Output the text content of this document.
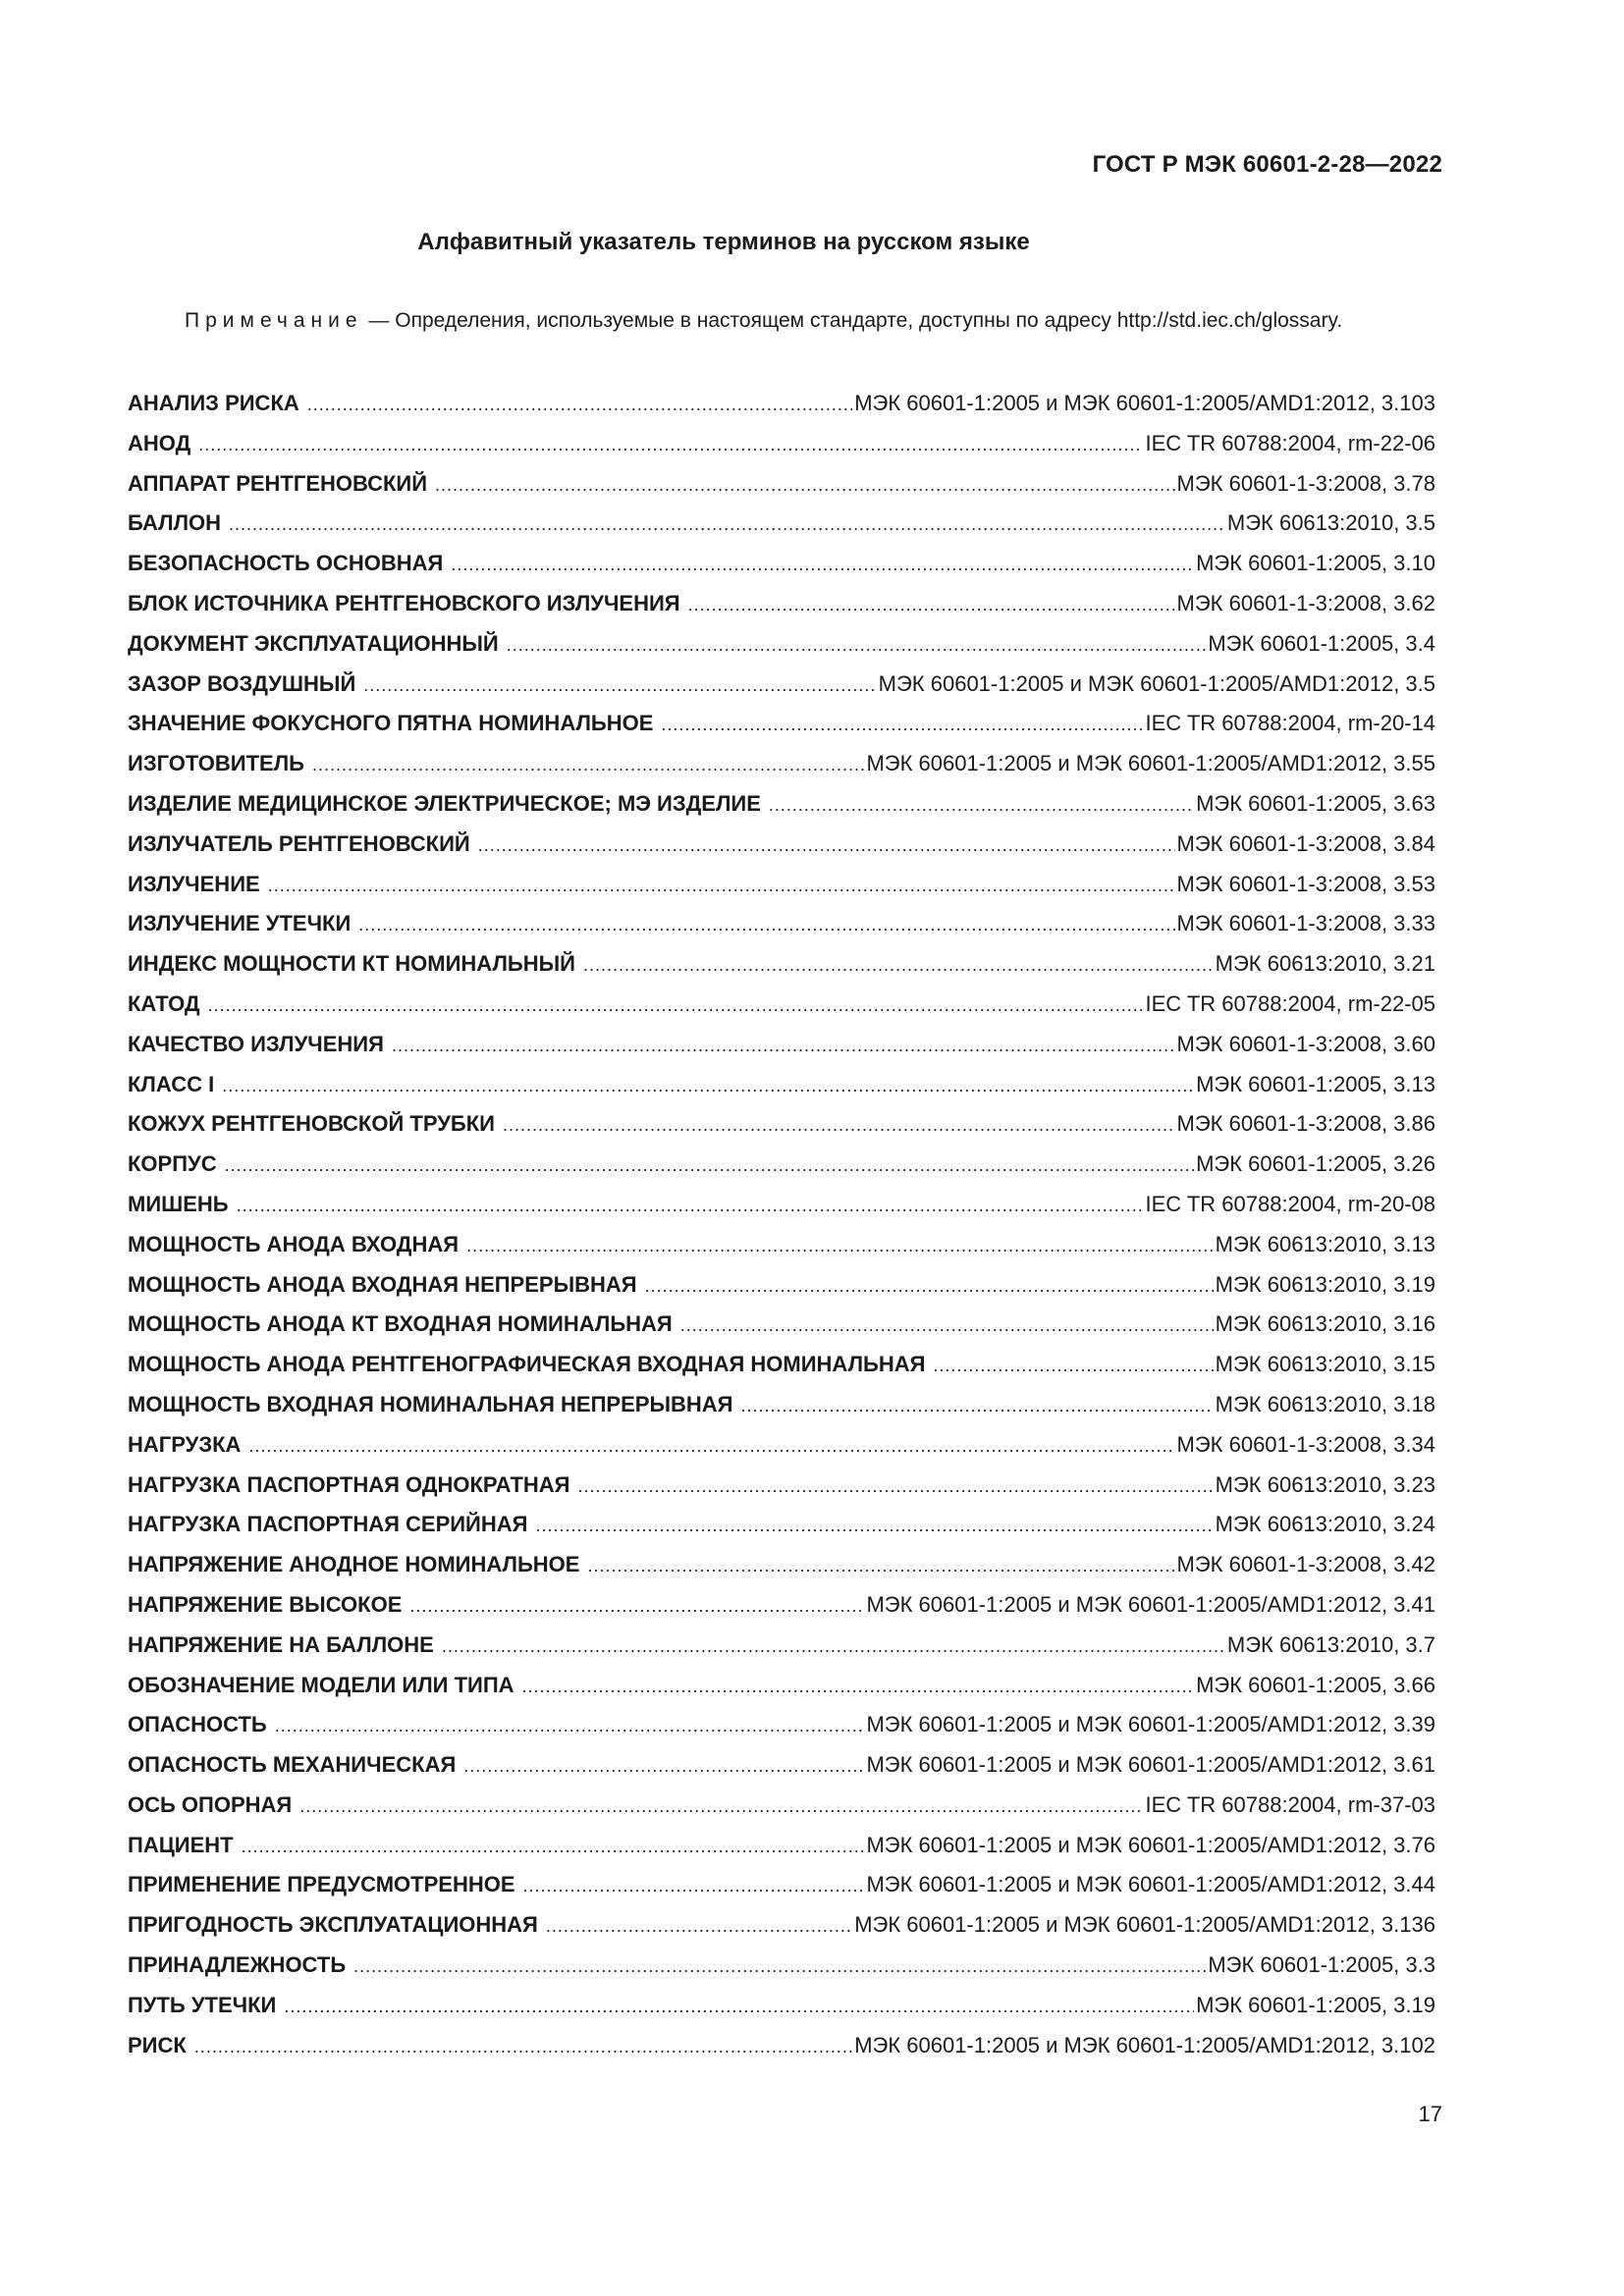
ГОСТ Р МЭК 60601-2-28—2022
Алфавитный указатель терминов на русском языке
Примечание — Определения, используемые в настоящем стандарте, доступны по адресу http://std.iec.ch/glossary.
АНАЛИЗ РИСКА .....	МЭК 60601-1:2005 и МЭК 60601-1:2005/AMD1:2012, 3.103
АНОД .....	IEC TR 60788:2004, rm-22-06
АППАРАТ РЕНТГЕНОВСКИЙ .....	МЭК 60601-1-3:2008, 3.78
БАЛЛОН .....	МЭК 60613:2010, 3.5
БЕЗОПАСНОСТЬ ОСНОВНАЯ .....	МЭК 60601-1:2005, 3.10
БЛОК ИСТОЧНИКА РЕНТГЕНОВСКОГО ИЗЛУЧЕНИЯ .....	МЭК 60601-1-3:2008, 3.62
ДОКУМЕНТ ЭКСПЛУАТАЦИОННЫЙ .....	МЭК 60601-1:2005, 3.4
ЗАЗОР ВОЗДУШНЫЙ .....	МЭК 60601-1:2005 и МЭК 60601-1:2005/AMD1:2012, 3.5
ЗНАЧЕНИЕ ФОКУСНОГО ПЯТНА НОМИНАЛЬНОЕ .....	IEC TR 60788:2004, rm-20-14
ИЗГОТОВИТЕЛЬ .....	МЭК 60601-1:2005 и МЭК 60601-1:2005/AMD1:2012, 3.55
ИЗДЕЛИЕ МЕДИЦИНСКОЕ ЭЛЕКТРИЧЕСКОЕ; МЭ ИЗДЕЛИЕ .....	МЭК 60601-1:2005, 3.63
ИЗЛУЧАТЕЛЬ РЕНТГЕНОВСКИЙ .....	МЭК 60601-1-3:2008, 3.84
ИЗЛУЧЕНИЕ .....	МЭК 60601-1-3:2008, 3.53
ИЗЛУЧЕНИЕ УТЕЧКИ .....	МЭК 60601-1-3:2008, 3.33
ИНДЕКС МОЩНОСТИ КТ НОМИНАЛЬНЫЙ .....	МЭК 60613:2010, 3.21
КАТОД .....	IEC TR 60788:2004, rm-22-05
КАЧЕСТВО ИЗЛУЧЕНИЯ .....	МЭК 60601-1-3:2008, 3.60
КЛАСС I .....	МЭК 60601-1:2005, 3.13
КОЖУХ РЕНТГЕНОВСКОЙ ТРУБКИ .....	МЭК 60601-1-3:2008, 3.86
КОРПУС .....	МЭК 60601-1:2005, 3.26
МИШЕНЬ .....	IEC TR 60788:2004, rm-20-08
МОЩНОСТЬ АНОДА ВХОДНАЯ .....	МЭК 60613:2010, 3.13
МОЩНОСТЬ АНОДА ВХОДНАЯ НЕПРЕРЫВНАЯ .....	МЭК 60613:2010, 3.19
МОЩНОСТЬ АНОДА КТ ВХОДНАЯ НОМИНАЛЬНАЯ .....	МЭК 60613:2010, 3.16
МОЩНОСТЬ АНОДА РЕНТГЕНОГРАФИЧЕСКАЯ ВХОДНАЯ НОМИНАЛЬНАЯ .....	МЭК 60613:2010, 3.15
МОЩНОСТЬ ВХОДНАЯ НОМИНАЛЬНАЯ НЕПРЕРЫВНАЯ .....	МЭК 60613:2010, 3.18
НАГРУЗКА .....	МЭК 60601-1-3:2008, 3.34
НАГРУЗКА ПАСПОРТНАЯ ОДНОКРАТНАЯ .....	МЭК 60613:2010, 3.23
НАГРУЗКА ПАСПОРТНАЯ СЕРИЙНАЯ .....	МЭК 60613:2010, 3.24
НАПРЯЖЕНИЕ АНОДНОЕ НОМИНАЛЬНОЕ .....	МЭК 60601-1-3:2008, 3.42
НАПРЯЖЕНИЕ ВЫСОКОЕ .....	МЭК 60601-1:2005 и МЭК 60601-1:2005/AMD1:2012, 3.41
НАПРЯЖЕНИЕ НА БАЛЛОНЕ .....	МЭК 60613:2010, 3.7
ОБОЗНАЧЕНИЕ МОДЕЛИ ИЛИ ТИПА .....	МЭК 60601-1:2005, 3.66
ОПАСНОСТЬ .....	МЭК 60601-1:2005 и МЭК 60601-1:2005/AMD1:2012, 3.39
ОПАСНОСТЬ МЕХАНИЧЕСКАЯ .....	МЭК 60601-1:2005 и МЭК 60601-1:2005/AMD1:2012, 3.61
ОСЬ ОПОРНАЯ .....	IEC TR 60788:2004, rm-37-03
ПАЦИЕНТ .....	МЭК 60601-1:2005 и МЭК 60601-1:2005/AMD1:2012, 3.76
ПРИМЕНЕНИЕ ПРЕДУСМОТРЕННОЕ .....	МЭК 60601-1:2005 и МЭК 60601-1:2005/AMD1:2012, 3.44
ПРИГОДНОСТЬ ЭКСПЛУАТАЦИОННАЯ .....	МЭК 60601-1:2005 и МЭК 60601-1:2005/AMD1:2012, 3.136
ПРИНАДЛЕЖНОСТЬ .....	МЭК 60601-1:2005, 3.3
ПУТЬ УТЕЧКИ .....	МЭК 60601-1:2005, 3.19
РИСК .....	МЭК 60601-1:2005 и МЭК 60601-1:2005/AMD1:2012, 3.102
17
